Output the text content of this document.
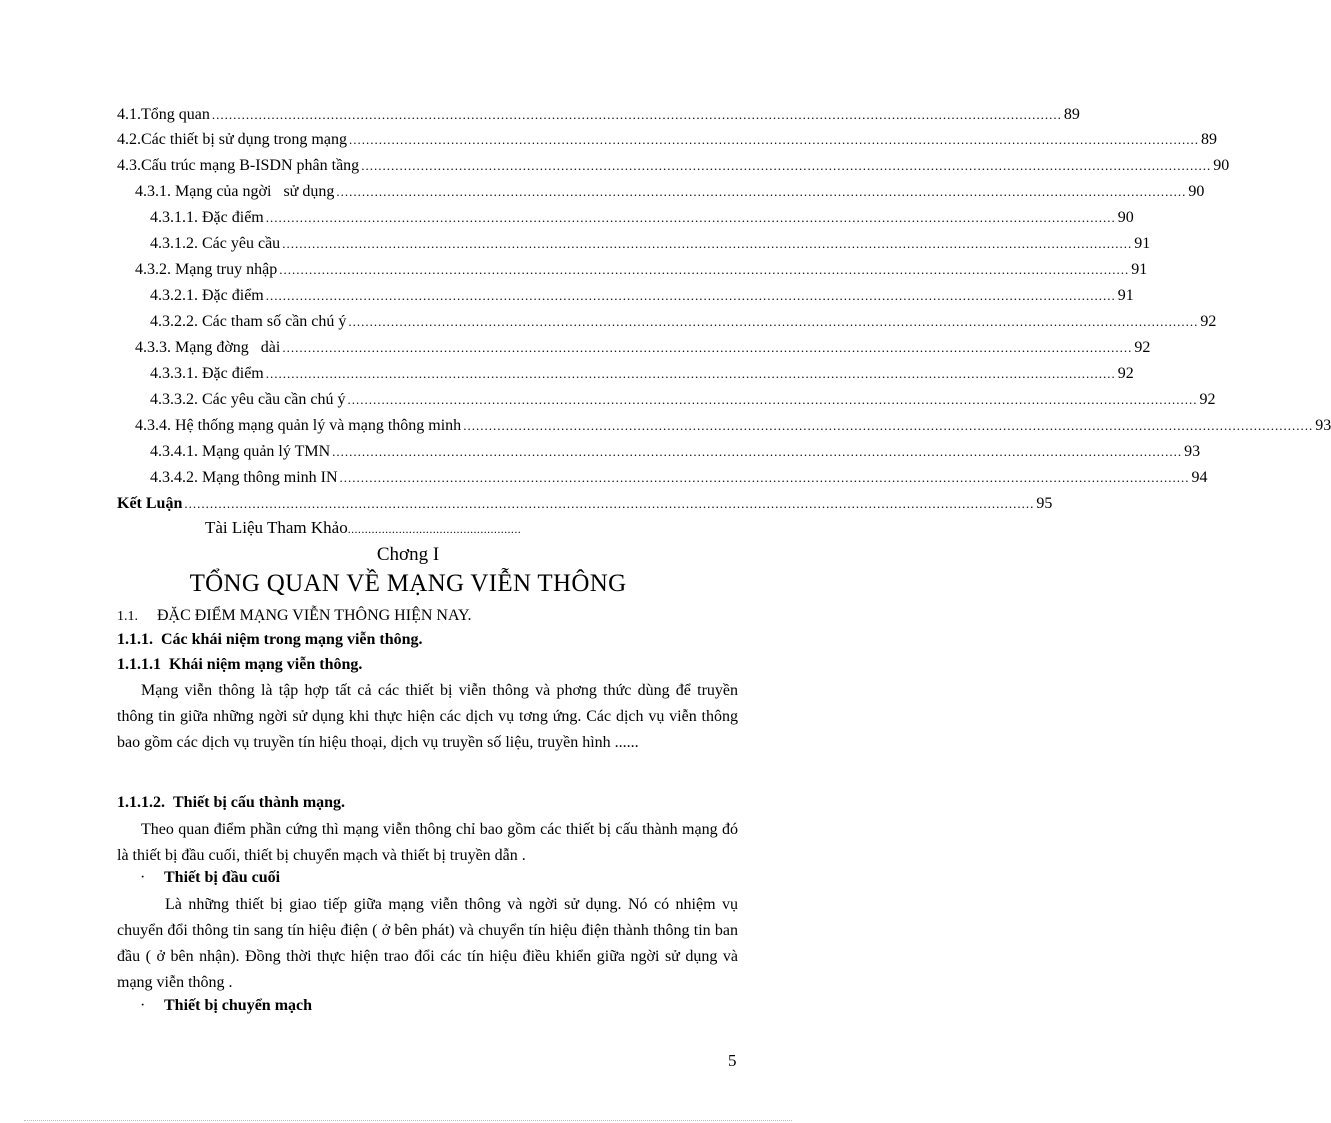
4.1. Tổng quan ........................................................................................................................................................................................................ 89
4.2. Các thiết bị sử dụng trong mạng ........................................................................................................................................................................................................ 89
4.3. Cấu trúc mạng B-ISDN phân tầng ........................................................................................................................................................................................................ 90
4.3.1.
Mạng của ngời   sử dụng ........................................................................................................................................................................................................ 90
4.3.1.1.
Đặc điểm ........................................................................................................................................................................................................ 90
4.3.1.2.
Các yêu cầu ........................................................................................................................................................................................................ 91
4.3.2.
Mạng truy nhập ........................................................................................................................................................................................................ 91
4.3.2.1.
Đặc điểm ........................................................................................................................................................................................................ 91
4.3.2.2.
Các tham số cần chú ý ........................................................................................................................................................................................................ 92
4.3.3.
Mạng đờng   dài ........................................................................................................................................................................................................ 92
4.3.3.1.
Đặc điểm ........................................................................................................................................................................................................ 92
4.3.3.2.
Các yêu cầu cần chú ý ........................................................................................................................................................................................................ 92
4.3.4.
Hệ thống mạng quản lý và mạng thông minh ........................................................................................................................................................................................................ 93
4.3.4.1.
Mạng quản lý TMN ........................................................................................................................................................................................................ 93
4.3.4.2.
Mạng thông minh IN ........................................................................................................................................................................................................ 94
Kết Luận ........................................................................................................................................................................................................ 95
Tài Liệu Tham Khảo...................................................
Chơng I
TỔNG QUAN VỀ MẠNG VIỄN THÔNG
1.1. ĐẶC ĐIỂM MẠNG VIỄN THÔNG HIỆN NAY.
1.1.1. Các khái niệm trong mạng viễn thông.
1.1.1.1 Khái niệm mạng viễn thông.

Mạng viễn thông là tập hợp tất cả các thiết bị viễn thông và phơng thức dùng để truyền thông tin giữa những ngời sử dụng khi thực hiện các dịch vụ tơng ứng. Các dịch vụ viễn thông bao gồm các dịch vụ truyền tín hiệu thoại, dịch vụ truyền số liệu, truyền hình ......

1.1.1.2. Thiết bị cấu thành mạng.

Theo quan điểm phần cứng thì mạng viễn thông chỉ bao gồm các thiết bị cấu thành mạng đó là thiết bị đầu cuối, thiết bị chuyển mạch và thiết bị truyền dẫn .

· Thiết bị đầu cuối

Là những thiết bị giao tiếp giữa mạng viễn thông và ngời sử dụng. Nó có nhiệm vụ chuyển đổi thông tin sang tín hiệu điện ( ở bên phát) và chuyển tín hiệu điện thành thông tin ban đầu ( ở bên nhận). Đồng thời thực hiện trao đổi các tín hiệu điều khiển giữa ngời sử dụng và mạng viễn thông .

· Thiết bị chuyển mạch
5
